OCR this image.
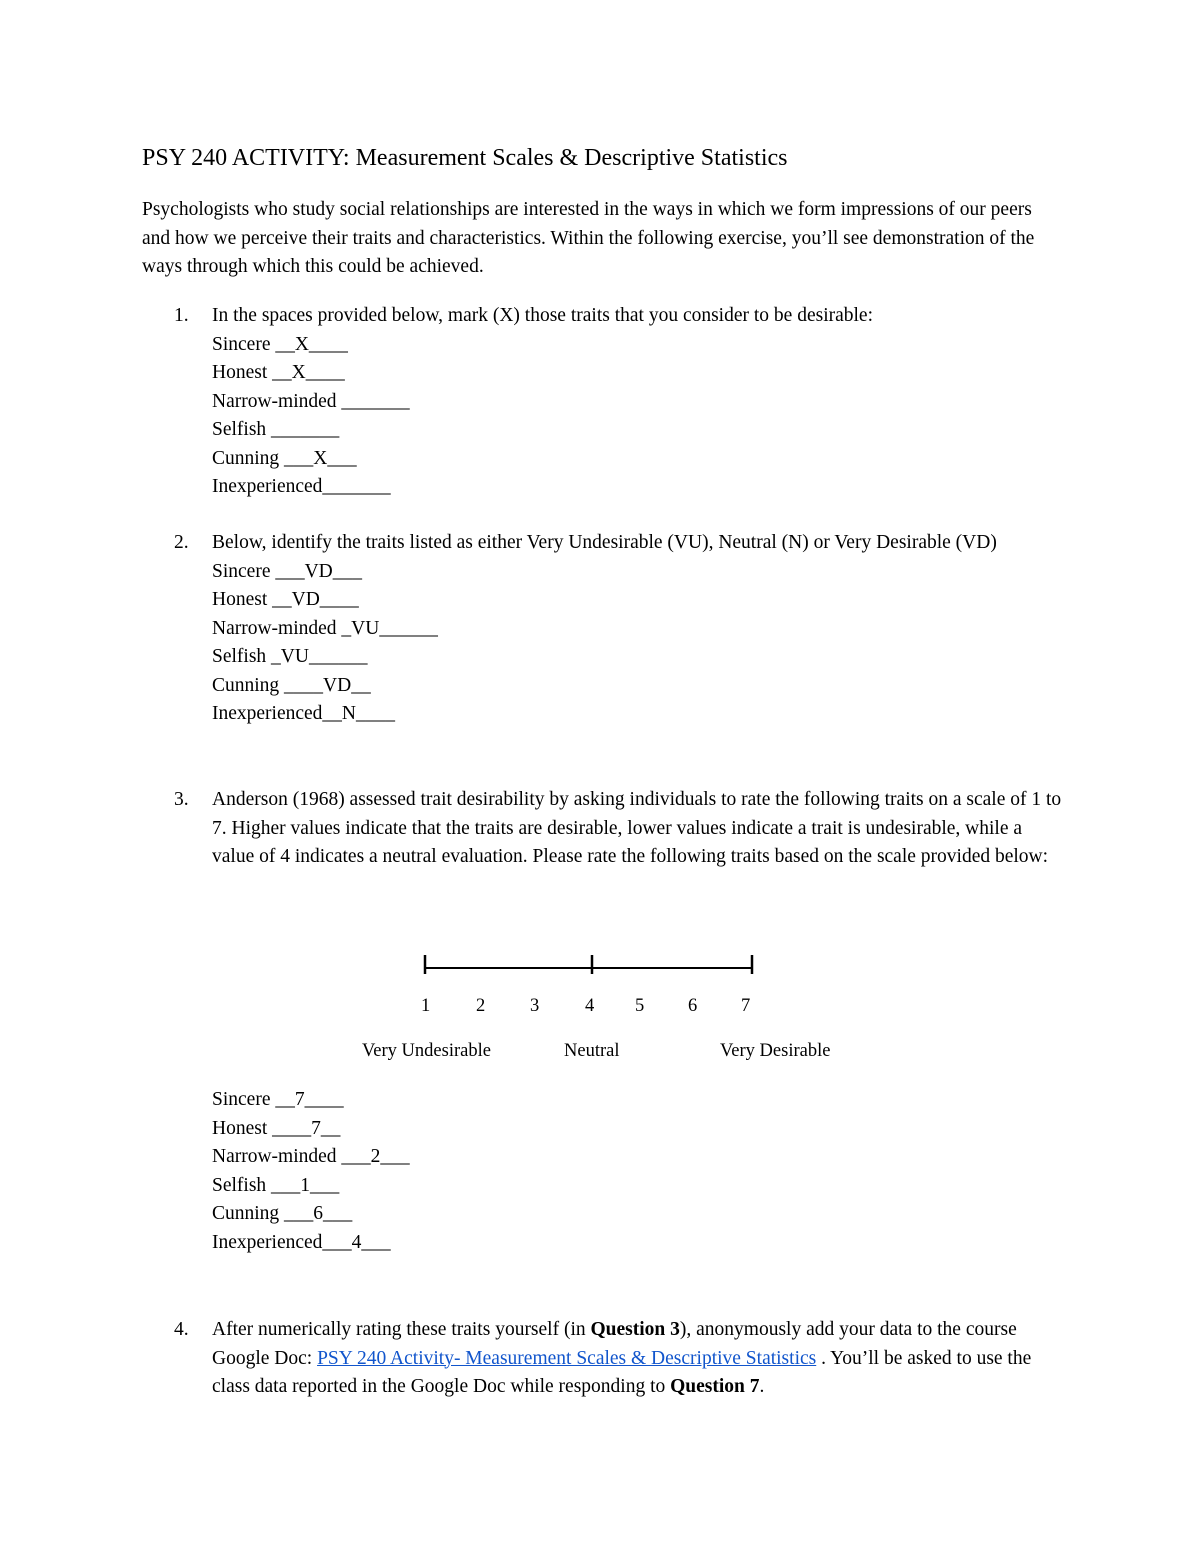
PSY 240 ACTIVITY: Measurement Scales & Descriptive Statistics

Psychologists who study social relationships are interested in the ways in which we form impressions of our peers and how we perceive their traits and characteristics. Within the following exercise, you’ll see demonstration of the ways through which this could be achieved.

1.	In the spaces provided below, mark (X) those traits that you consider to be desirable:
Sincere __X____
Honest __X____
Narrow-minded _______
Selfish _______
Cunning ___X___
Inexperienced_______
2.	Below, identify the traits listed as either Very Undesirable (VU), Neutral (N) or Very Desirable (VD)
Sincere ___VD___
Honest __VD____
Narrow-minded _VU______
Selfish _VU______
Cunning ____VD__
Inexperienced__N____
3.	Anderson (1968) assessed trait desirability by asking individuals to rate the following traits on a scale of 1 to 7. Higher values indicate that the traits are desirable, lower values indicate a trait is undesirable, while a value of 4 indicates a neutral evaluation. Please rate the following traits based on the scale provided below:
1 2 3 4 5 6 7
Very Undesirable	Neutral	Very Desirable
Sincere __7____
Honest ____7__
Narrow-minded ___2___
Selfish ___1___
Cunning ___6___
Inexperienced___4___
4.	After numerically rating these traits yourself (in Question 3), anonymously add your data to the course Google Doc: PSY 240 Activity- Measurement Scales & Descriptive Statistics . You’ll be asked to use the class data reported in the Google Doc while responding to Question 7.
